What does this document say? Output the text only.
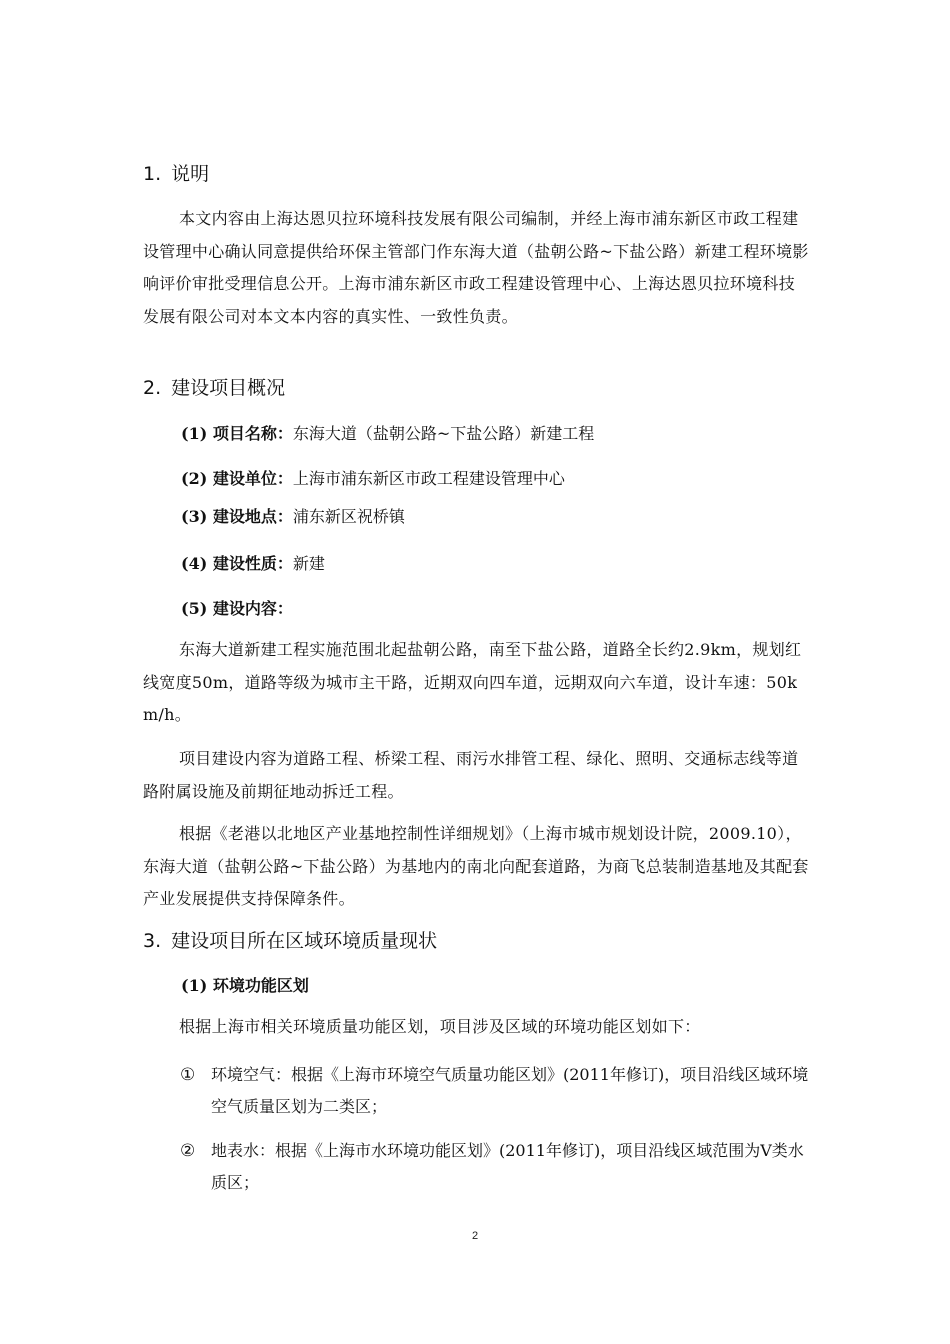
1. 说明
本文内容由上海达恩贝拉环境科技发展有限公司编制，并经上海市浦东新区市政工程建设管理中心确认同意提供给环保主管部门作东海大道（盐朝公路~下盐公路）新建工程环境影响评价审批受理信息公开。上海市浦东新区市政工程建设管理中心、上海达恩贝拉环境科技发展有限公司对本文本内容的真实性、一致性负责。
2. 建设项目概况
(1) 项目名称：东海大道（盐朝公路~下盐公路）新建工程
(2) 建设单位：上海市浦东新区市政工程建设管理中心
(3) 建设地点：浦东新区祝桥镇
(4) 建设性质：新建
(5) 建设内容：
东海大道新建工程实施范围北起盐朝公路，南至下盐公路，道路全长约2.9km，规划红线宽度50m，道路等级为城市主干路，近期双向四车道，远期双向六车道，设计车速：50km/h。
项目建设内容为道路工程、桥梁工程、雨污水排管工程、绿化、照明、交通标志线等道路附属设施及前期征地动拆迁工程。
根据《老港以北地区产业基地控制性详细规划》（上海市城市规划设计院，2009.10），东海大道（盐朝公路~下盐公路）为基地内的南北向配套道路，为商飞总装制造基地及其配套产业发展提供支持保障条件。
3. 建设项目所在区域环境质量现状
(1) 环境功能区划
根据上海市相关环境质量功能区划，项目涉及区域的环境功能区划如下：
① 环境空气：根据《上海市环境空气质量功能区划》(2011年修订)，项目沿线区域环境空气质量区划为二类区；
② 地表水：根据《上海市水环境功能区划》(2011年修订)，项目沿线区域范围为Ⅴ类水质区；
2
